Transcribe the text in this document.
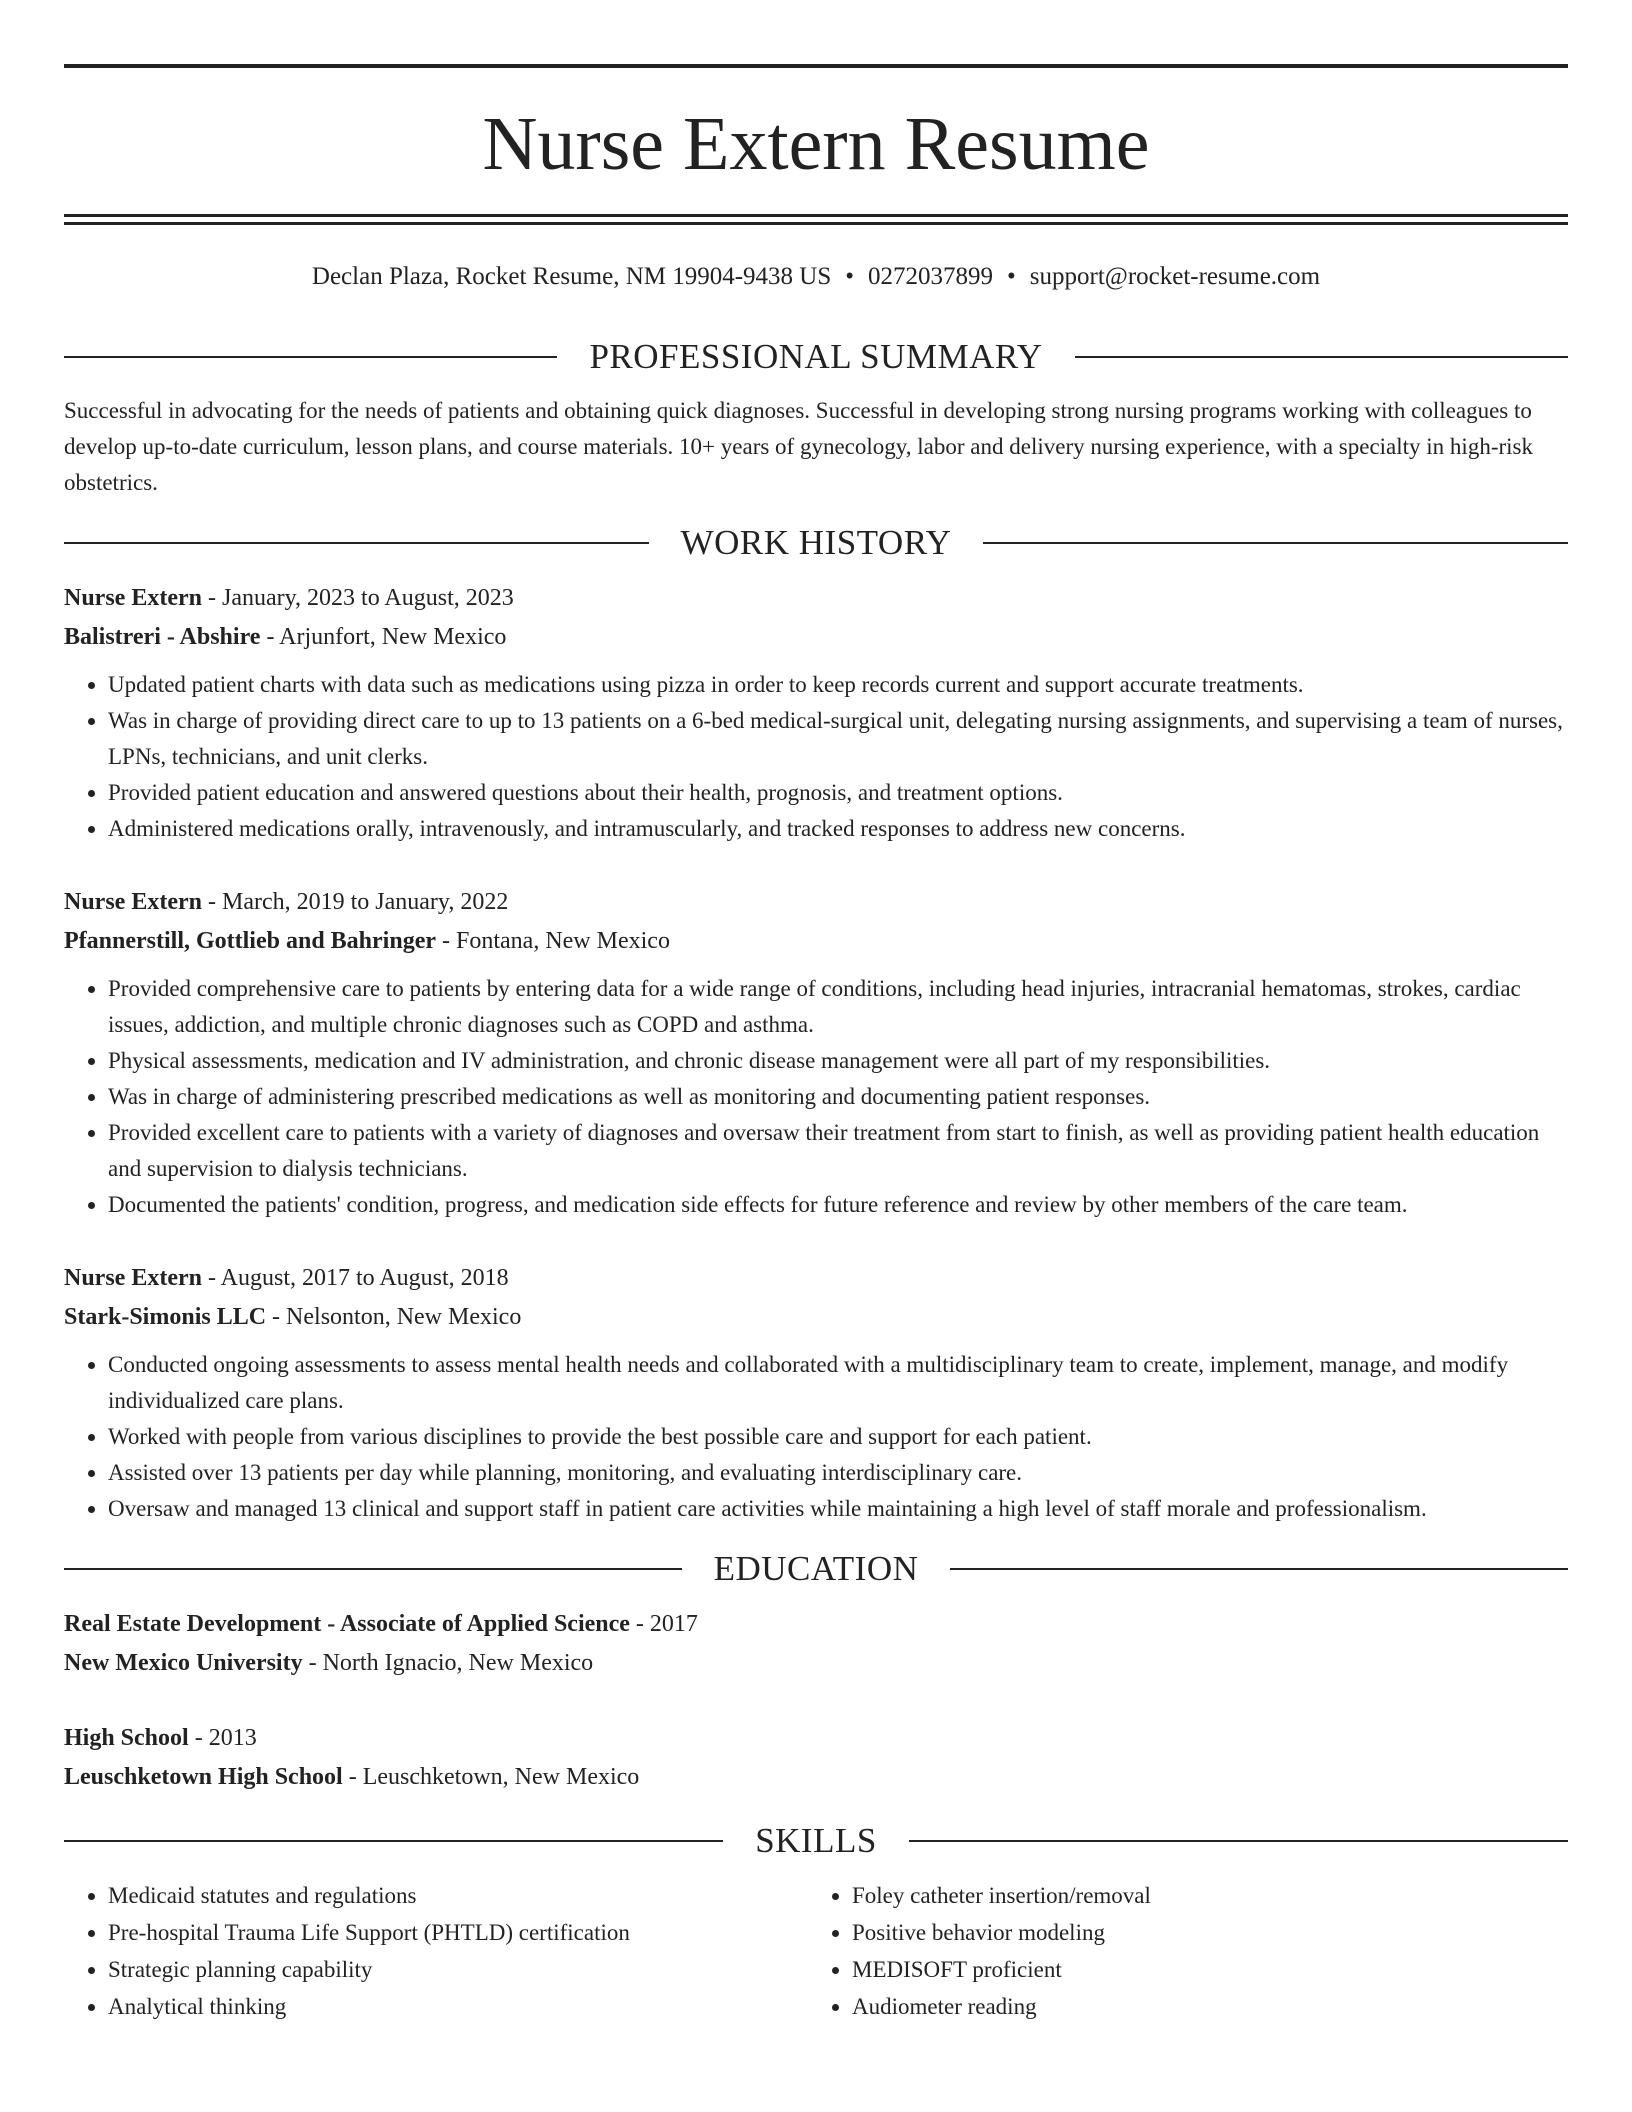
Nurse Extern Resume
Declan Plaza, Rocket Resume, NM 19904-9438 US • 0272037899 • support@rocket-resume.com
PROFESSIONAL SUMMARY

Successful in advocating for the needs of patients and obtaining quick diagnoses. Successful in developing strong nursing programs working with colleagues to develop up-to-date curriculum, lesson plans, and course materials. 10+ years of gynecology, labor and delivery nursing experience, with a specialty in high-risk obstetrics.

WORK HISTORY
Nurse Extern - January, 2023 to August, 2023
Balistreri - Abshire - Arjunfort, New Mexico
• Updated patient charts with data such as medications using pizza in order to keep records current and support accurate treatments.
• Was in charge of providing direct care to up to 13 patients on a 6-bed medical-surgical unit, delegating nursing assignments, and supervising a team of nurses, LPNs, technicians, and unit clerks.
• Provided patient education and answered questions about their health, prognosis, and treatment options.
• Administered medications orally, intravenously, and intramuscularly, and tracked responses to address new concerns.
Nurse Extern - March, 2019 to January, 2022
Pfannerstill, Gottlieb and Bahringer - Fontana, New Mexico
• Provided comprehensive care to patients by entering data for a wide range of conditions, including head injuries, intracranial hematomas, strokes, cardiac issues, addiction, and multiple chronic diagnoses such as COPD and asthma.
• Physical assessments, medication and IV administration, and chronic disease management were all part of my responsibilities.
• Was in charge of administering prescribed medications as well as monitoring and documenting patient responses.
• Provided excellent care to patients with a variety of diagnoses and oversaw their treatment from start to finish, as well as providing patient health education and supervision to dialysis technicians.
• Documented the patients' condition, progress, and medication side effects for future reference and review by other members of the care team.
Nurse Extern - August, 2017 to August, 2018
Stark-Simonis LLC - Nelsonton, New Mexico
• Conducted ongoing assessments to assess mental health needs and collaborated with a multidisciplinary team to create, implement, manage, and modify individualized care plans.
• Worked with people from various disciplines to provide the best possible care and support for each patient.
• Assisted over 13 patients per day while planning, monitoring, and evaluating interdisciplinary care.
• Oversaw and managed 13 clinical and support staff in patient care activities while maintaining a high level of staff morale and professionalism.
EDUCATION
Real Estate Development - Associate of Applied Science - 2017
New Mexico University - North Ignacio, New Mexico
High School - 2013
Leuschketown High School - Leuschketown, New Mexico
SKILLS
• Medicaid statutes and regulations
• Pre-hospital Trauma Life Support (PHTLD) certification
• Strategic planning capability
• Analytical thinking
• Foley catheter insertion/removal
• Positive behavior modeling
• MEDISOFT proficient
• Audiometer reading
